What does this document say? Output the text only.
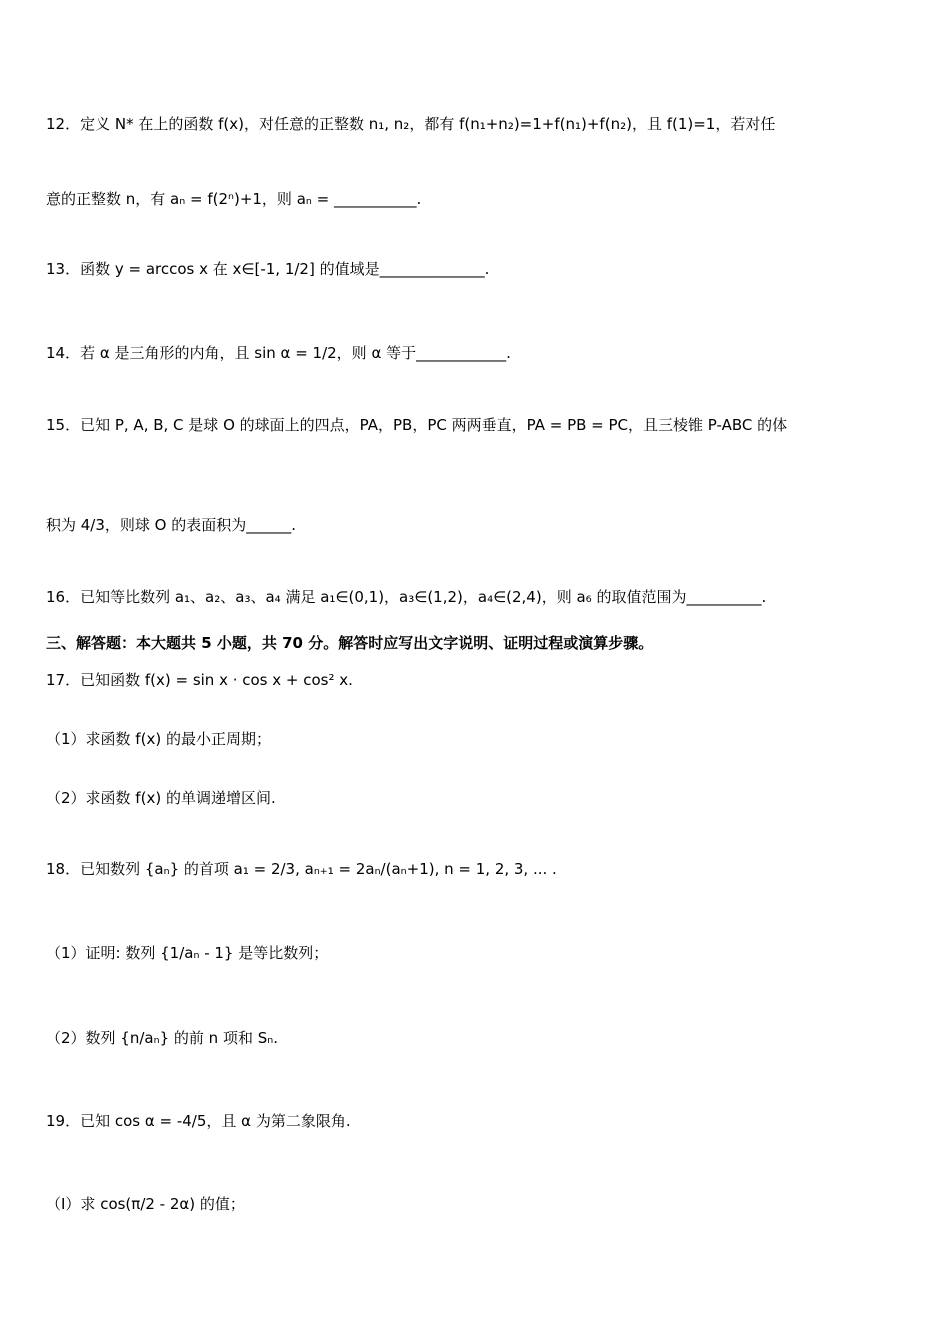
12．定义 N* 在上的函数 f(x)，对任意的正整数 n₁, n₂，都有 f(n₁+n₂)=1+f(n₁)+f(n₂)，且 f(1)=1，若对任
意的正整数 n，有 aₙ = f(2ⁿ)+1，则 aₙ = ___________.
13．函数 y = arccos x 在 x∈[-1, 1/2] 的值域是______________.
14．若 α 是三角形的内角，且 sin α = 1/2，则 α 等于____________.
15．已知 P, A, B, C 是球 O 的球面上的四点，PA，PB，PC 两两垂直，PA = PB = PC，且三棱锥 P-ABC 的体
积为 4/3，则球 O 的表面积为______.
16．已知等比数列 a₁、a₂、a₃、a₄ 满足 a₁∈(0,1)，a₃∈(1,2)，a₄∈(2,4)，则 a₆ 的取值范围为__________.
三、解答题：本大题共 5 小题，共 70 分。解答时应写出文字说明、证明过程或演算步骤。
17．已知函数 f(x) = sin x · cos x + cos² x.
（1）求函数 f(x) 的最小正周期；
（2）求函数 f(x) 的单调递增区间.
18．已知数列 {aₙ} 的首项 a₁ = 2/3, aₙ₊₁ = 2aₙ/(aₙ+1), n = 1, 2, 3, ... .
（1）证明: 数列 {1/aₙ - 1} 是等比数列；
（2）数列 {n/aₙ} 的前 n 项和 Sₙ.
19．已知 cos α = -4/5，且 α 为第二象限角.
（I）求 cos(π/2 - 2α) 的值；
